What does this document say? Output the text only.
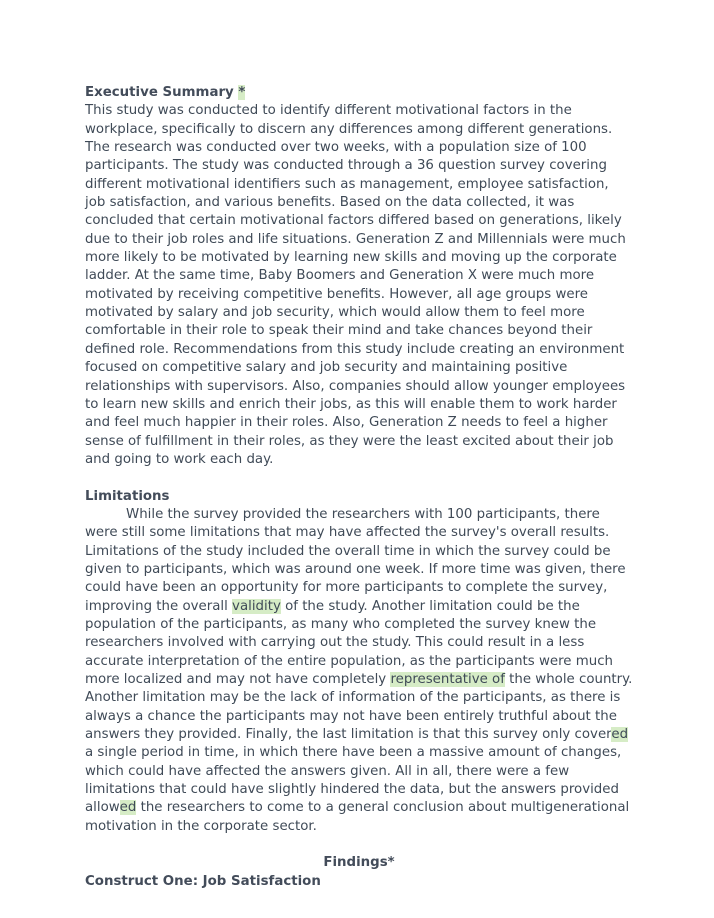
Executive Summary *

This study was conducted to identify different motivational factors in the workplace, specifically to discern any differences among different generations. The research was conducted over two weeks, with a population size of 100 participants. The study was conducted through a 36 question survey covering different motivational identifiers such as management, employee satisfaction, job satisfaction, and various benefits. Based on the data collected, it was concluded that certain motivational factors differed based on generations, likely due to their job roles and life situations. Generation Z and Millennials were much more likely to be motivated by learning new skills and moving up the corporate ladder. At the same time, Baby Boomers and Generation X were much more motivated by receiving competitive benefits. However, all age groups were motivated by salary and job security, which would allow them to feel more comfortable in their role to speak their mind and take chances beyond their defined role. Recommendations from this study include creating an environment focused on competitive salary and job security and maintaining positive relationships with supervisors. Also, companies should allow younger employees to learn new skills and enrich their jobs, as this will enable them to work harder and feel much happier in their roles. Also, Generation Z needs to feel a higher sense of fulfillment in their roles, as they were the least excited about their job and going to work each day.

Limitations

While the survey provided the researchers with 100 participants, there were still some limitations that may have affected the survey's overall results. Limitations of the study included the overall time in which the survey could be given to participants, which was around one week. If more time was given, there could have been an opportunity for more participants to complete the survey, improving the overall validity of the study. Another limitation could be the population of the participants, as many who completed the survey knew the researchers involved with carrying out the study. This could result in a less accurate interpretation of the entire population, as the participants were much more localized and may not have completely representative of the whole country. Another limitation may be the lack of information of the participants, as there is always a chance the participants may not have been entirely truthful about the answers they provided. Finally, the last limitation is that this survey only covered a single period in time, in which there have been a massive amount of changes, which could have affected the answers given. All in all, there were a few limitations that could have slightly hindered the data, but the answers provided allowed the researchers to come to a general conclusion about multigenerational motivation in the corporate sector.

Findings*
Construct One: Job Satisfaction
